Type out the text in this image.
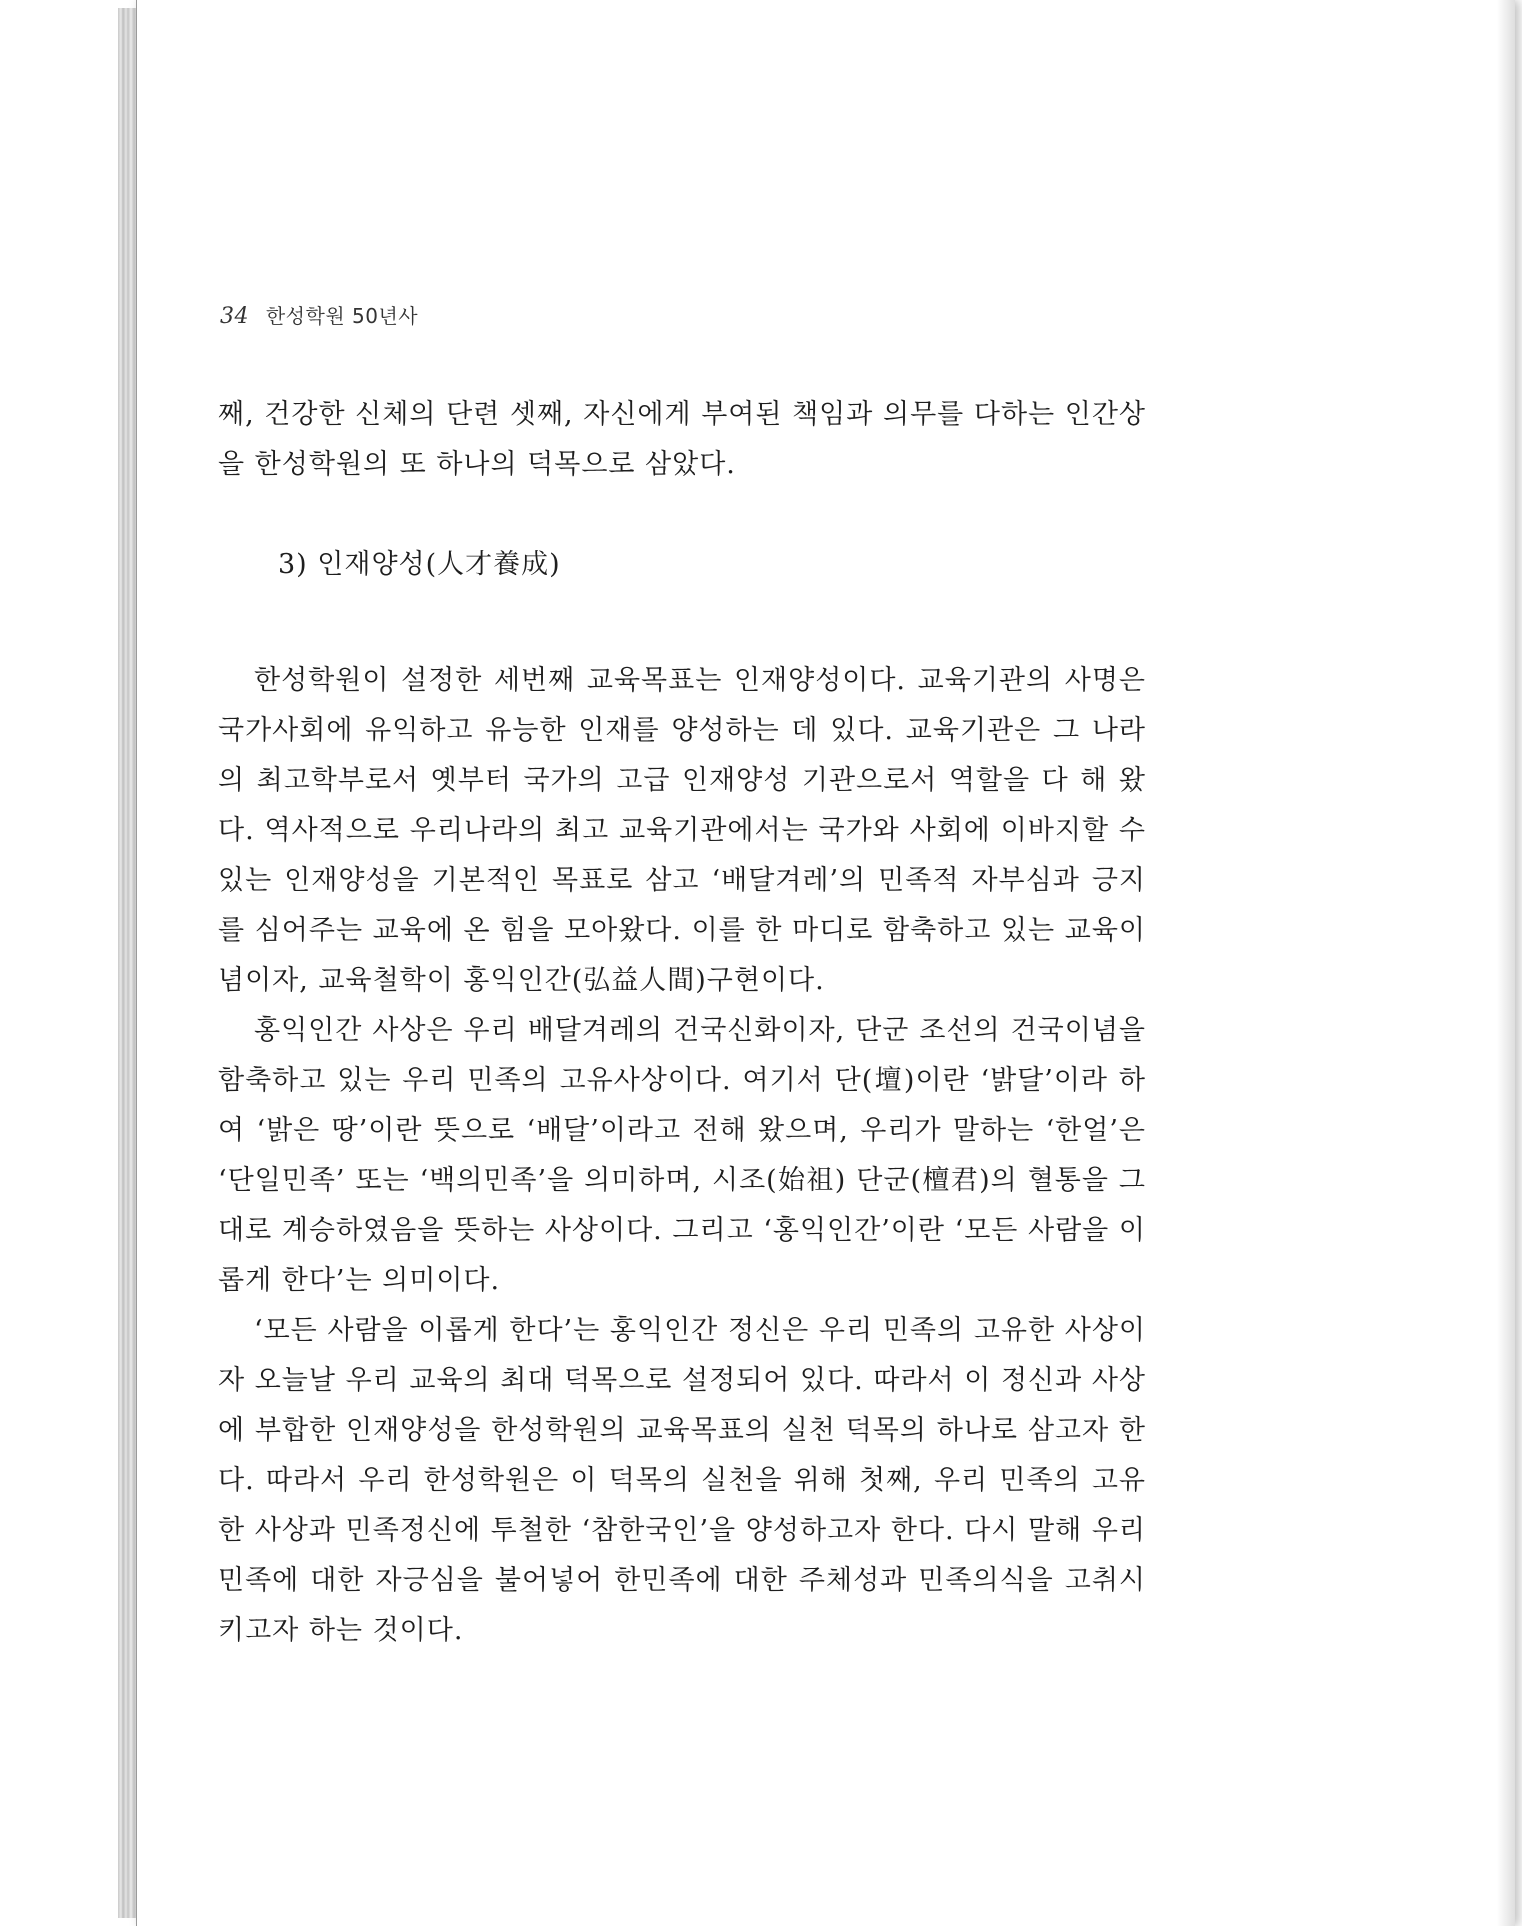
34 한성학원 50년사

째, 건강한 신체의 단련 셋째, 자신에게 부여된 책임과 의무를 다하는 인간상을 한성학원의 또 하나의 덕목으로 삼았다.

3) 인재양성(人才養成)

한성학원이 설정한 세번째 교육목표는 인재양성이다. 교육기관의 사명은 국가사회에 유익하고 유능한 인재를 양성하는 데 있다. 교육기관은 그 나라의 최고학부로서 옛부터 국가의 고급 인재양성 기관으로서 역할을 다 해 왔다. 역사적으로 우리나라의 최고 교육기관에서는 국가와 사회에 이바지할 수 있는 인재양성을 기본적인 목표로 삼고 ‘배달겨레’의 민족적 자부심과 긍지를 심어주는 교육에 온 힘을 모아왔다. 이를 한 마디로 함축하고 있는 교육이념이자, 교육철학이 홍익인간(弘益人間)구현이다.

홍익인간 사상은 우리 배달겨레의 건국신화이자, 단군 조선의 건국이념을 함축하고 있는 우리 민족의 고유사상이다. 여기서 단(壇)이란 ‘밝달’이라 하여 ‘밝은 땅’이란 뜻으로 ‘배달’이라고 전해 왔으며, 우리가 말하는 ‘한얼’은 ‘단일민족’ 또는 ‘백의민족’을 의미하며, 시조(始祖) 단군(檀君)의 혈통을 그대로 계승하였음을 뜻하는 사상이다. 그리고 ‘홍익인간’이란 ‘모든 사람을 이롭게 한다’는 의미이다.

‘모든 사람을 이롭게 한다’는 홍익인간 정신은 우리 민족의 고유한 사상이자 오늘날 우리 교육의 최대 덕목으로 설정되어 있다. 따라서 이 정신과 사상에 부합한 인재양성을 한성학원의 교육목표의 실천 덕목의 하나로 삼고자 한다. 따라서 우리 한성학원은 이 덕목의 실천을 위해 첫째, 우리 민족의 고유한 사상과 민족정신에 투철한 ‘참한국인’을 양성하고자 한다. 다시 말해 우리 민족에 대한 자긍심을 불어넣어 한민족에 대한 주체성과 민족의식을 고취시키고자 하는 것이다.
